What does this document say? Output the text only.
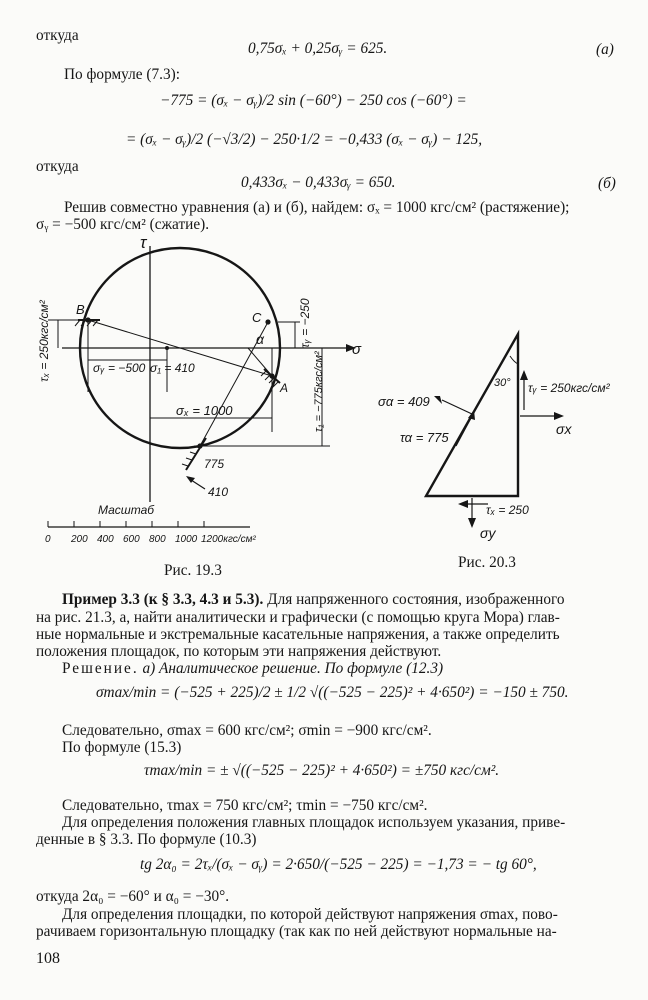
откуда
0,75σₓ + 0,25σᵧ = 625.	(а)
По формуле (7.3):
−775 = (σₓ − σᵧ)/2 sin (−60°) − 250 cos (−60°) =
= (σₓ − σᵧ)/2 (−√3/2) − 250·1/2 = −0,433 (σₓ − σᵧ) − 125,
откуда
0,433σₓ − 0,433σᵧ = 650.	(б)
Решив совместно уравнения (а) и (б), найдем: σₓ = 1000 кгс/см² (растяжение);
σᵧ = −500 кгс/см² (сжатие).
τ
σ
B
C
A
α
σᵧ = −500 σ₁ = 410
σₓ = 1000
775
410
τₓ = 250кгс/см²	τᵧ = −250
τ₁ = −775кгс/см²
Масштаб
0 200 400 600 800 1000 1200кгс/см²
Рис. 19.3
30° τᵧ = 250кгс/см²
σx
σα = 409
τα = 775
τₓ = 250
σy
Рис. 20.3
Пример 3.3 (к § 3.3, 4.3 и 5.3). Для напряженного состояния, изображенного
на рис. 21.3, а, найти аналитически и графически (с помощью круга Мора) глав-
ные нормальные и экстремальные касательные напряжения, а также определить
положения площадок, по которым эти напряжения действуют.
Решение. а) Аналитическое решение. По формуле (12.3)
σmax/min = (−525 + 225)/2 ± 1/2 √((−525 − 225)² + 4·650²) = −150 ± 750.
Следовательно, σmax = 600 кгс/см²; σmin = −900 кгс/см².
По формуле (15.3)
τmax/min = ± √((−525 − 225)² + 4·650²) = ±750 кгс/см².
Следовательно, τmax = 750 кгс/см²; τmin = −750 кгс/см².
Для определения положения главных площадок используем указания, приве-
денные в § 3.3. По формуле (10.3)
tg 2α₀ = 2τₓ/(σₓ − σᵧ) = 2·650/(−525 − 225) = −1,73 = − tg 60°,
откуда 2α₀ = −60° и α₀ = −30°.
Для определения площадки, по которой действуют напряжения σmax, пово-
рачиваем горизонтальную площадку (так как по ней действуют нормальные на-
108
